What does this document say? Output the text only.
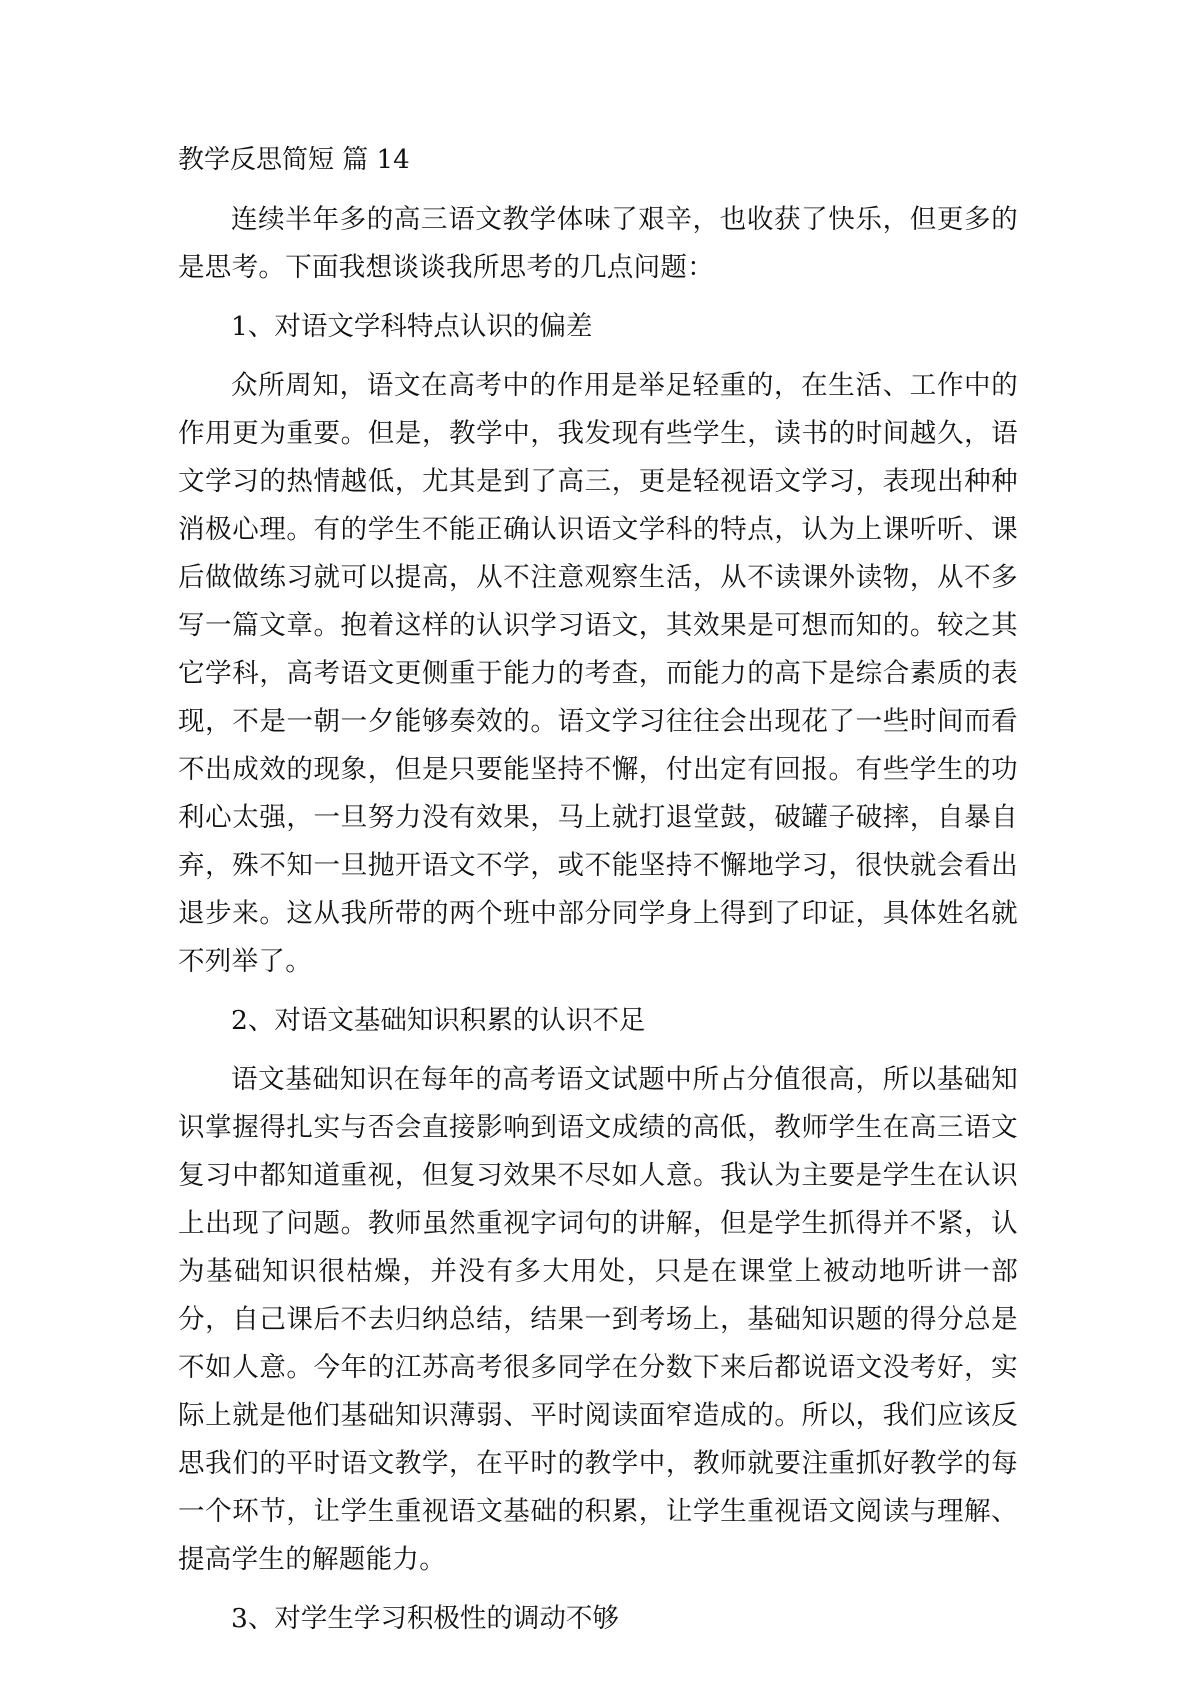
教学反思简短 篇 14

连续半年多的高三语文教学体味了艰辛，也收获了快乐，但更多的是思考。下面我想谈谈我所思考的几点问题：

1、对语文学科特点认识的偏差

众所周知，语文在高考中的作用是举足轻重的，在生活、工作中的作用更为重要。但是，教学中，我发现有些学生，读书的时间越久，语文学习的热情越低，尤其是到了高三，更是轻视语文学习，表现出种种消极心理。有的学生不能正确认识语文学科的特点，认为上课听听、课后做做练习就可以提高，从不注意观察生活，从不读课外读物，从不多写一篇文章。抱着这样的认识学习语文，其效果是可想而知的。较之其它学科，高考语文更侧重于能力的考查，而能力的高下是综合素质的表现，不是一朝一夕能够奏效的。语文学习往往会出现花了一些时间而看不出成效的现象，但是只要能坚持不懈，付出定有回报。有些学生的功利心太强，一旦努力没有效果，马上就打退堂鼓，破罐子破摔，自暴自弃，殊不知一旦抛开语文不学，或不能坚持不懈地学习，很快就会看出退步来。这从我所带的两个班中部分同学身上得到了印证，具体姓名就不列举了。

2、对语文基础知识积累的认识不足

语文基础知识在每年的高考语文试题中所占分值很高，所以基础知识掌握得扎实与否会直接影响到语文成绩的高低，教师学生在高三语文复习中都知道重视，但复习效果不尽如人意。我认为主要是学生在认识上出现了问题。教师虽然重视字词句的讲解，但是学生抓得并不紧，认为基础知识很枯燥，并没有多大用处，只是在课堂上被动地听讲一部分，自己课后不去归纳总结，结果一到考场上，基础知识题的得分总是不如人意。今年的江苏高考很多同学在分数下来后都说语文没考好，实际上就是他们基础知识薄弱、平时阅读面窄造成的。所以，我们应该反思我们的平时语文教学，在平时的教学中，教师就要注重抓好教学的每一个环节，让学生重视语文基础的积累，让学生重视语文阅读与理解、提高学生的解题能力。

3、对学生学习积极性的调动不够
